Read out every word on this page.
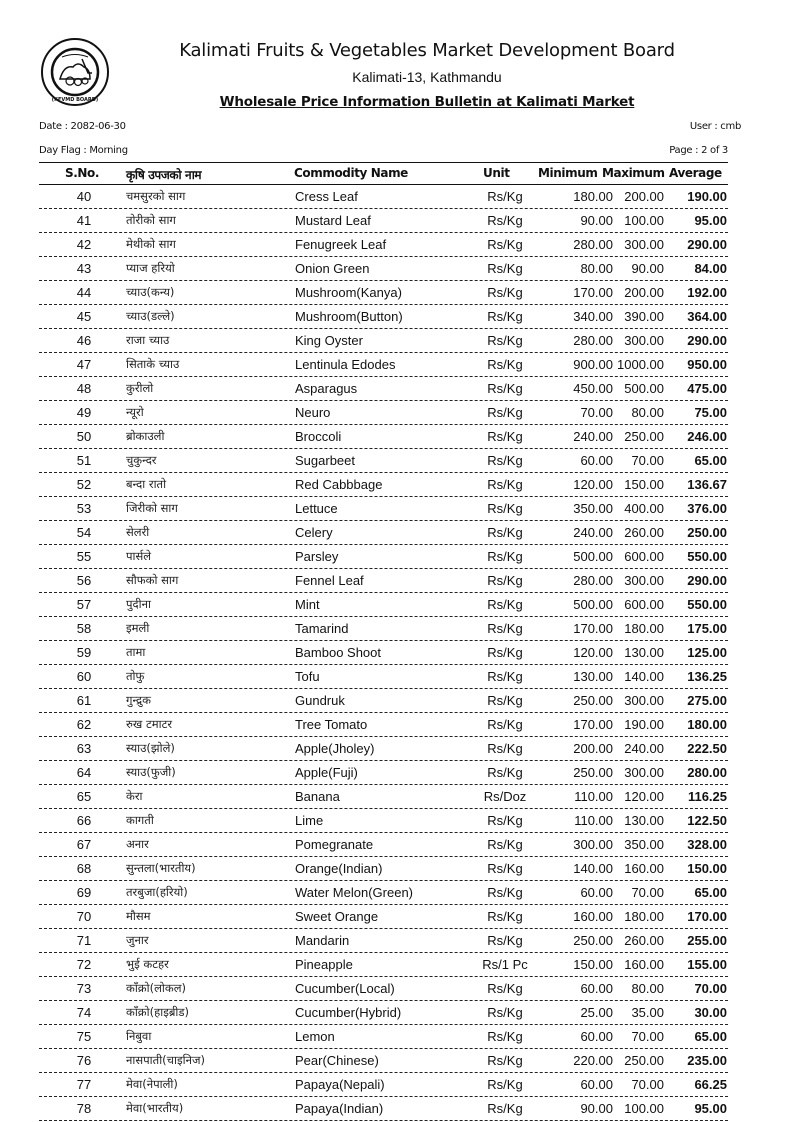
(KFVMD BOARD)
Kalimati Fruits & Vegetables Market Development Board
Kalimati-13, Kathmandu
Wholesale Price Information Bulletin at Kalimati Market
Date : 2082-06-30	User : cmb
Day Flag : Morning	Page : 2 of 3
S.No. कृषि उपजको नाम	Commodity Name	Unit Minimum Maximum Average
40	चमसुरको साग	Cress Leaf	Rs/Kg	180.00 200.00	190.00
41	तोरीको साग	Mustard Leaf	Rs/Kg	90.00 100.00	95.00
42	मेथीको साग	Fenugreek Leaf	Rs/Kg	280.00 300.00	290.00
43	प्याज हरियो	Onion Green	Rs/Kg	80.00	90.00	84.00
44	च्याउ(कन्य)	Mushroom(Kanya)	Rs/Kg	170.00 200.00	192.00
45	च्याउ(डल्ले)	Mushroom(Button)	Rs/Kg	340.00 390.00	364.00
46	राजा च्याउ	King Oyster	Rs/Kg	280.00 300.00	290.00
47	सिताके च्याउ	Lentinula Edodes	Rs/Kg	900.00 1000.00	950.00
48	कुरीलो	Asparagus	Rs/Kg	450.00 500.00	475.00
49	न्यूरो	Neuro	Rs/Kg	70.00	80.00	75.00
50	ब्रोकाउली	Broccoli	Rs/Kg	240.00 250.00	246.00
51	चुकुन्दर	Sugarbeet	Rs/Kg	60.00	70.00	65.00
52	बन्दा रातो	Red Cabbbage	Rs/Kg	120.00 150.00	136.67
53	जिरीको साग	Lettuce	Rs/Kg	350.00 400.00	376.00
54	सेलरी	Celery	Rs/Kg	240.00 260.00	250.00
55	पार्सले	Parsley	Rs/Kg	500.00 600.00	550.00
56	सौफको साग	Fennel Leaf	Rs/Kg	280.00 300.00	290.00
57	पुदीना	Mint	Rs/Kg	500.00 600.00	550.00
58	इमली	Tamarind	Rs/Kg	170.00 180.00	175.00
59	तामा	Bamboo Shoot	Rs/Kg	120.00 130.00	125.00
60	तोफु	Tofu	Rs/Kg	130.00 140.00	136.25
61	गुन्द्रुक	Gundruk	Rs/Kg	250.00 300.00	275.00
62	रुख टमाटर	Tree Tomato	Rs/Kg	170.00 190.00	180.00
63	स्याउ(झोले)	Apple(Jholey)	Rs/Kg	200.00 240.00	222.50
64	स्याउ(फुजी)	Apple(Fuji)	Rs/Kg	250.00 300.00	280.00
65	केरा	Banana	Rs/Doz	110.00 120.00	116.25
66	कागती	Lime	Rs/Kg	110.00 130.00	122.50
67	अनार	Pomegranate	Rs/Kg	300.00 350.00	328.00
68	सुन्तला(भारतीय)	Orange(Indian)	Rs/Kg	140.00 160.00	150.00
69	तरबुजा(हरियो)	Water Melon(Green)	Rs/Kg	60.00	70.00	65.00
70	मौसम	Sweet Orange	Rs/Kg	160.00 180.00	170.00
71	जुनार	Mandarin	Rs/Kg	250.00 260.00	255.00
72	भुई कटहर	Pineapple	Rs/1 Pc	150.00 160.00	155.00
73	काँक्रो(लोकल)	Cucumber(Local)	Rs/Kg	60.00	80.00	70.00
74	काँक्रो(हाइब्रीड)	Cucumber(Hybrid)	Rs/Kg	25.00	35.00	30.00
75	निबुवा	Lemon	Rs/Kg	60.00	70.00	65.00
76	नासपाती(चाइनिज)	Pear(Chinese)	Rs/Kg	220.00 250.00	235.00
77	मेवा(नेपाली)	Papaya(Nepali)	Rs/Kg	60.00	70.00	66.25
78	मेवा(भारतीय)	Papaya(Indian)	Rs/Kg	90.00 100.00	95.00
